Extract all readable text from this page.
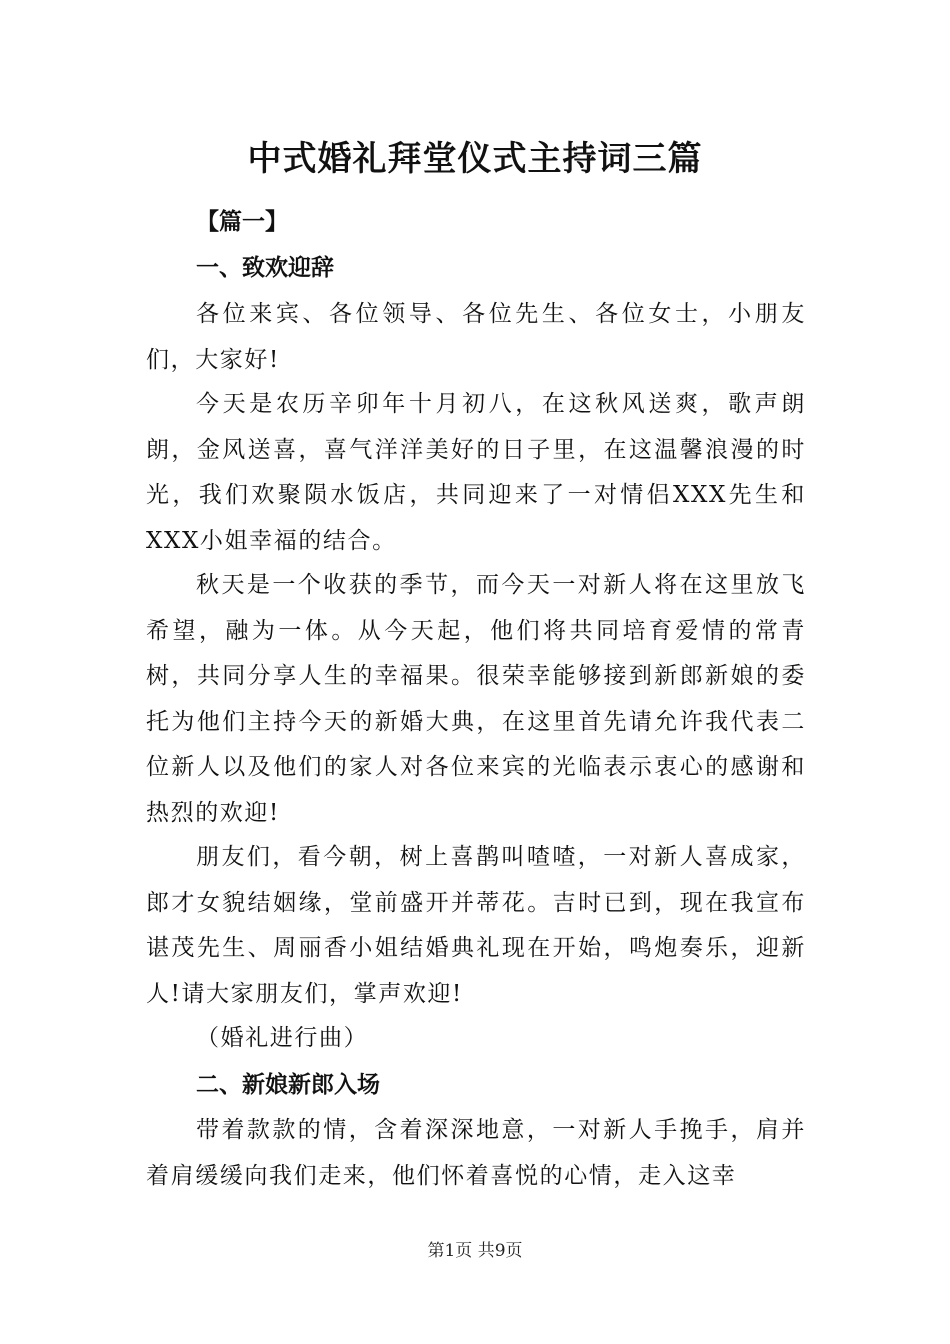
中式婚礼拜堂仪式主持词三篇
【篇一】
一、致欢迎辞

各位来宾、各位领导、各位先生、各位女士，小朋友们，大家好!

今天是农历辛卯年十月初八，在这秋风送爽，歌声朗朗，金风送喜，喜气洋洋美好的日子里，在这温馨浪漫的时光，我们欢聚陨水饭店，共同迎来了一对情侣XXX先生和XXX小姐幸福的结合。

秋天是一个收获的季节，而今天一对新人将在这里放飞希望，融为一体。从今天起，他们将共同培育爱情的常青树，共同分享人生的幸福果。很荣幸能够接到新郎新娘的委托为他们主持今天的新婚大典，在这里首先请允许我代表二位新人以及他们的家人对各位来宾的光临表示衷心的感谢和热烈的欢迎!

朋友们，看今朝，树上喜鹊叫喳喳，一对新人喜成家，郎才女貌结姻缘，堂前盛开并蒂花。吉时已到，现在我宣布谌茂先生、周丽香小姐结婚典礼现在开始，鸣炮奏乐，迎新人!请大家朋友们，掌声欢迎!

（婚礼进行曲）
二、新娘新郎入场

带着款款的情，含着深深地意，一对新人手挽手，肩并着肩缓缓向我们走来，他们怀着喜悦的心情，走入这幸

第1页 共9页
